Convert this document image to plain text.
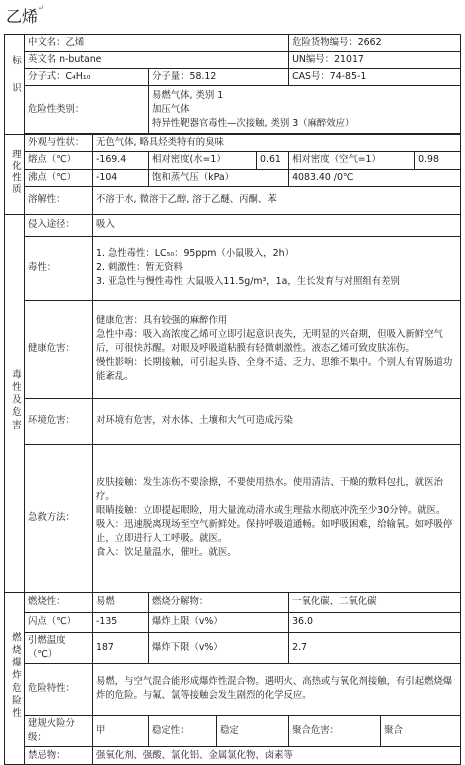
乙烯↵
标识	中文名：乙烯					危险货物编号：2662		
	英文名 n-butane					UN编号：21017		
	分子式：C₄H₁₀		分子量：58.12			CAS号：74-85-1		
	危险性类别：		易燃气体, 类别 1
加压气体
特异性靶器官毒性—次接触, 类别 3（麻醉效应）					

理化性质	外观与性状：	无色气体, 略具烃类特有的臭味						
	熔点（℃）	-169.4	相对密度(水=1）		0.61	相对密度（空气=1）		0.98
	沸点（℃）	-104	饱和蒸气压（kPa）			4083.40 /0℃		
	溶解性：	不溶于水, 微溶于乙醇, 溶于乙醚、丙酮、苯						
毒性及危害	侵入途径：	吸入						
	毒性：	1. 急性毒性：LC₅₀：95ppm（小鼠吸入，2h）
2. 刺激性：暂无资料
3. 亚急性与慢性毒性 大鼠吸入11.5g/m³，1a，生长发育与对照组有差别						

	健康危害：	健康危害：具有较强的麻醉作用
急性中毒：吸入高浓度乙烯可立即引起意识丧失，无明显的兴奋期，但吸入新鲜空气后，可很快苏醒。对眼及呼吸道粘膜有轻微刺激性。液态乙烯可致皮肤冻伤。
慢性影响：长期接触，可引起头昏、全身不适、乏力、思维不集中。个别人有胃肠道功能紊乱。						

	环境危害：	对环境有危害，对水体、土壤和大气可造成污染						
	急救方法：	皮肤接触：发生冻伤不要涂擦，不要使用热水。使用清洁、干燥的敷料包扎，就医治疗。
眼睛接触：立即提起眼睑，用大量流动清水或生理盐水彻底冲洗至少30分钟。就医。
吸入：迅速脱离现场至空气新鲜处。保持呼吸道通畅。如呼吸困难，给输氧。如呼吸停止，立即进行人工呼吸。就医。
食入：饮足量温水，催吐。就医。						

燃烧爆炸危险性	燃烧性：	易燃	燃烧分解物：			一氧化碳、二氧化碳		
	闪点（℃）	-135	爆炸上限（v%）			36.0		
	引燃温度（℃）	187	爆炸下限（v%）			2.7		
	危险特性：	易燃，与空气混合能形成爆炸性混合物。遇明火、高热或与氧化剂接触，有引起燃烧爆炸的危险。与氟、氯等接触会发生剧烈的化学反应。						
	建规火险分级：	甲	稳定性：	稳定		聚合危害：	聚合	
	禁忌物：	强氧化剂、强酸、氯化铝、金属氯化物、卤素等						
